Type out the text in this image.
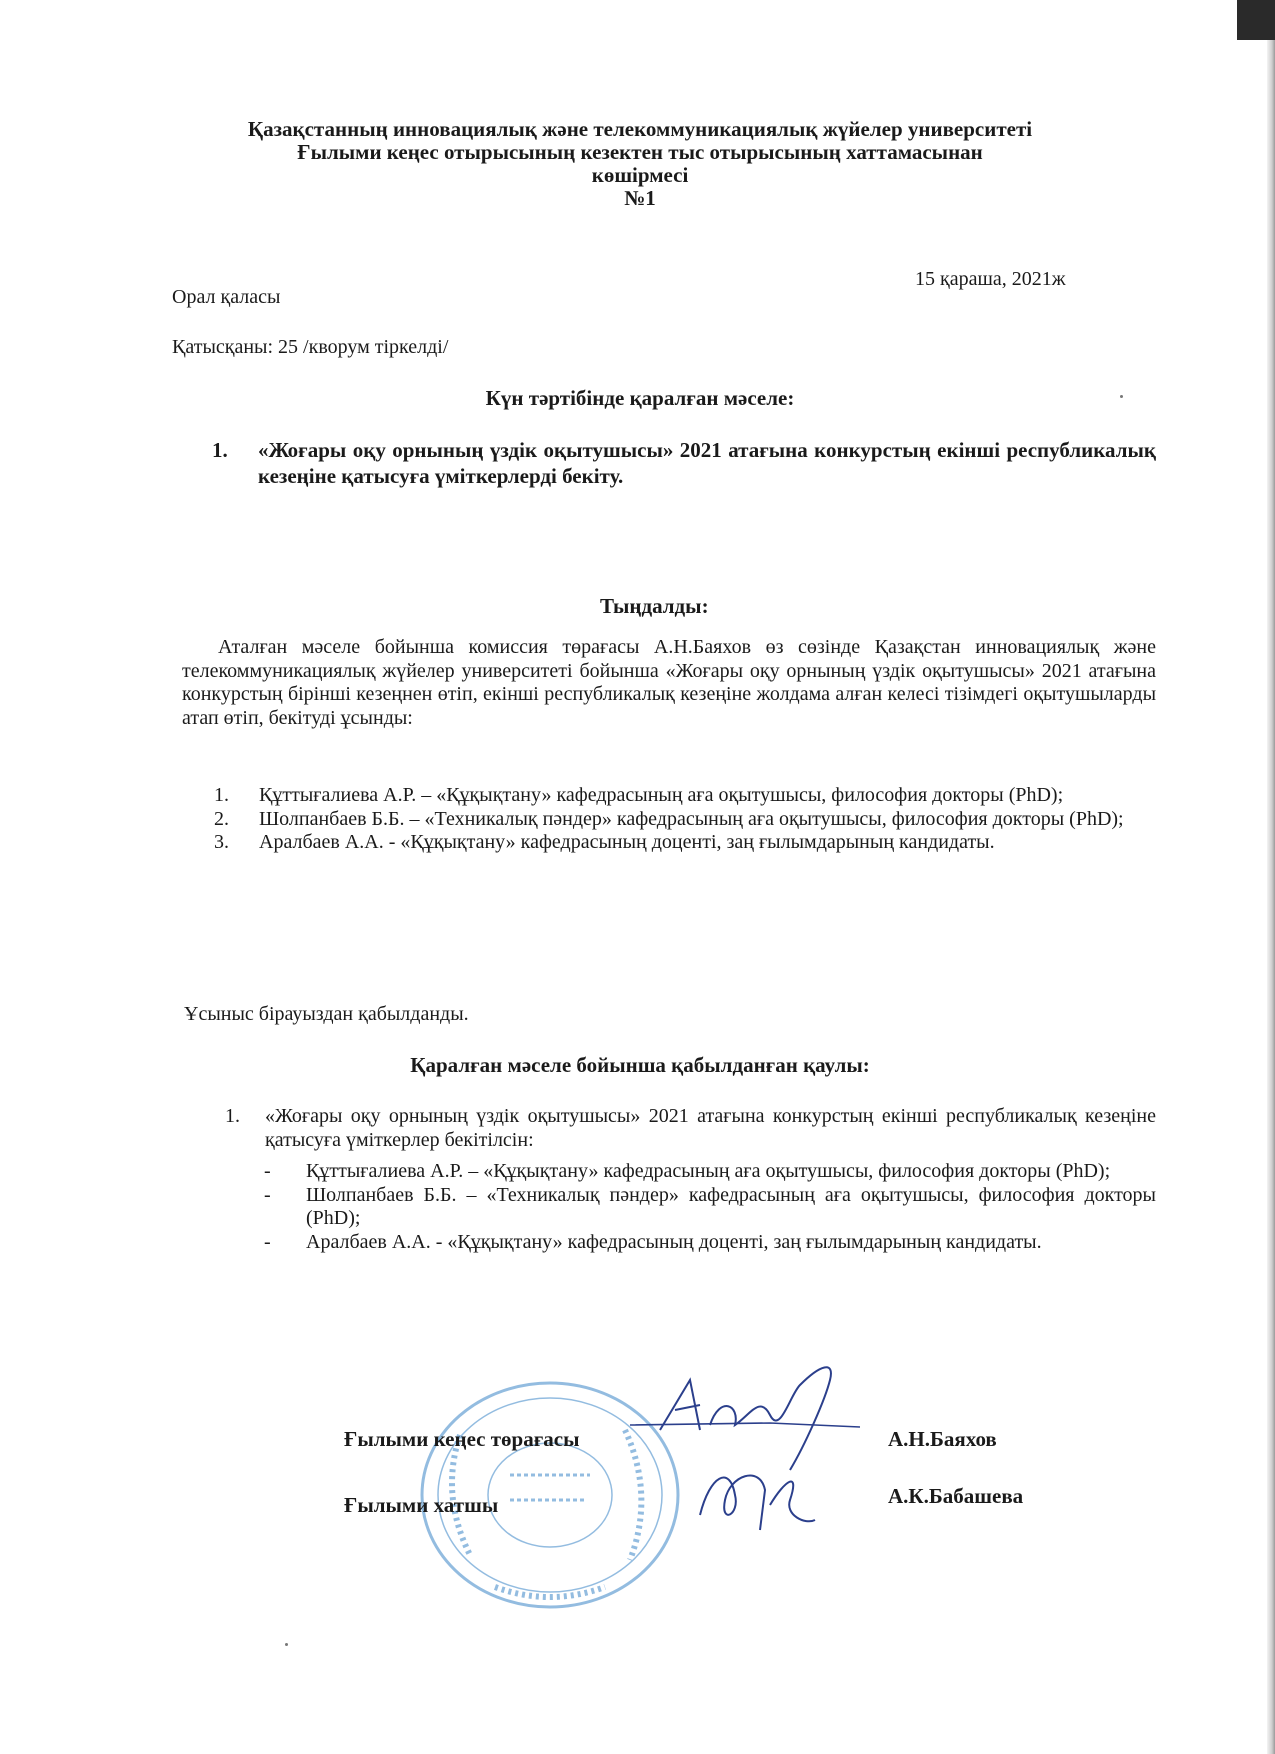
Қазақстанның инновациялық және телекоммуникациялық жүйелер университеті
Ғылыми кеңес отырысының кезектен тыс отырысының хаттамасынан
көшірмесі
№1

Орал қаласы

15 қараша, 2021ж

Қатысқаны: 25 /кворум тіркелді/

Күн тәртібінде қаралған мәселе:

1. «Жоғары оқу орнының үздік оқытушысы» 2021 атағына конкурстың екінші республикалық кезеңіне қатысуға үміткерлерді бекіту.

Тыңдалды:

Аталған мәселе бойынша комиссия төрағасы А.Н.Баяхов өз сөзінде Қазақстан инновациялық және телекоммуникациялық жүйелер университеті бойынша «Жоғары оқу орнының үздік оқытушысы» 2021 атағына конкурстың бірінші кезеңнен өтіп, екінші республикалық кезеңіне жолдама алған келесі тізімдегі оқытушыларды атап өтіп, бекітуді ұсынды:

1. Құттығалиева А.Р. – «Құқықтану» кафедрасының аға оқытушысы, философия докторы (PhD);
2. Шолпанбаев Б.Б. – «Техникалық пәндер» кафедрасының аға оқытушысы, философия докторы (PhD);
3. Аралбаев А.А. - «Құқықтану» кафедрасының доценті, заң ғылымдарының кандидаты.

Ұсыныс бірауыздан қабылданды.

Қаралған мәселе бойынша қабылданған қаулы:

1. «Жоғары оқу орнының үздік оқытушысы» 2021 атағына конкурстың екінші республикалық кезеңіне қатысуға үміткерлер бекітілсін:
- Құттығалиева А.Р. – «Құқықтану» кафедрасының аға оқытушысы, философия докторы (PhD);
- Шолпанбаев Б.Б. – «Техникалық пәндер» кафедрасының аға оқытушысы, философия докторы (PhD);
- Аралбаев А.А. - «Құқықтану» кафедрасының доценті, заң ғылымдарының кандидаты.

Ғылыми кеңес төрағасы	А.Н.Баяхов

Ғылыми хатшы	А.К.Бабашева
